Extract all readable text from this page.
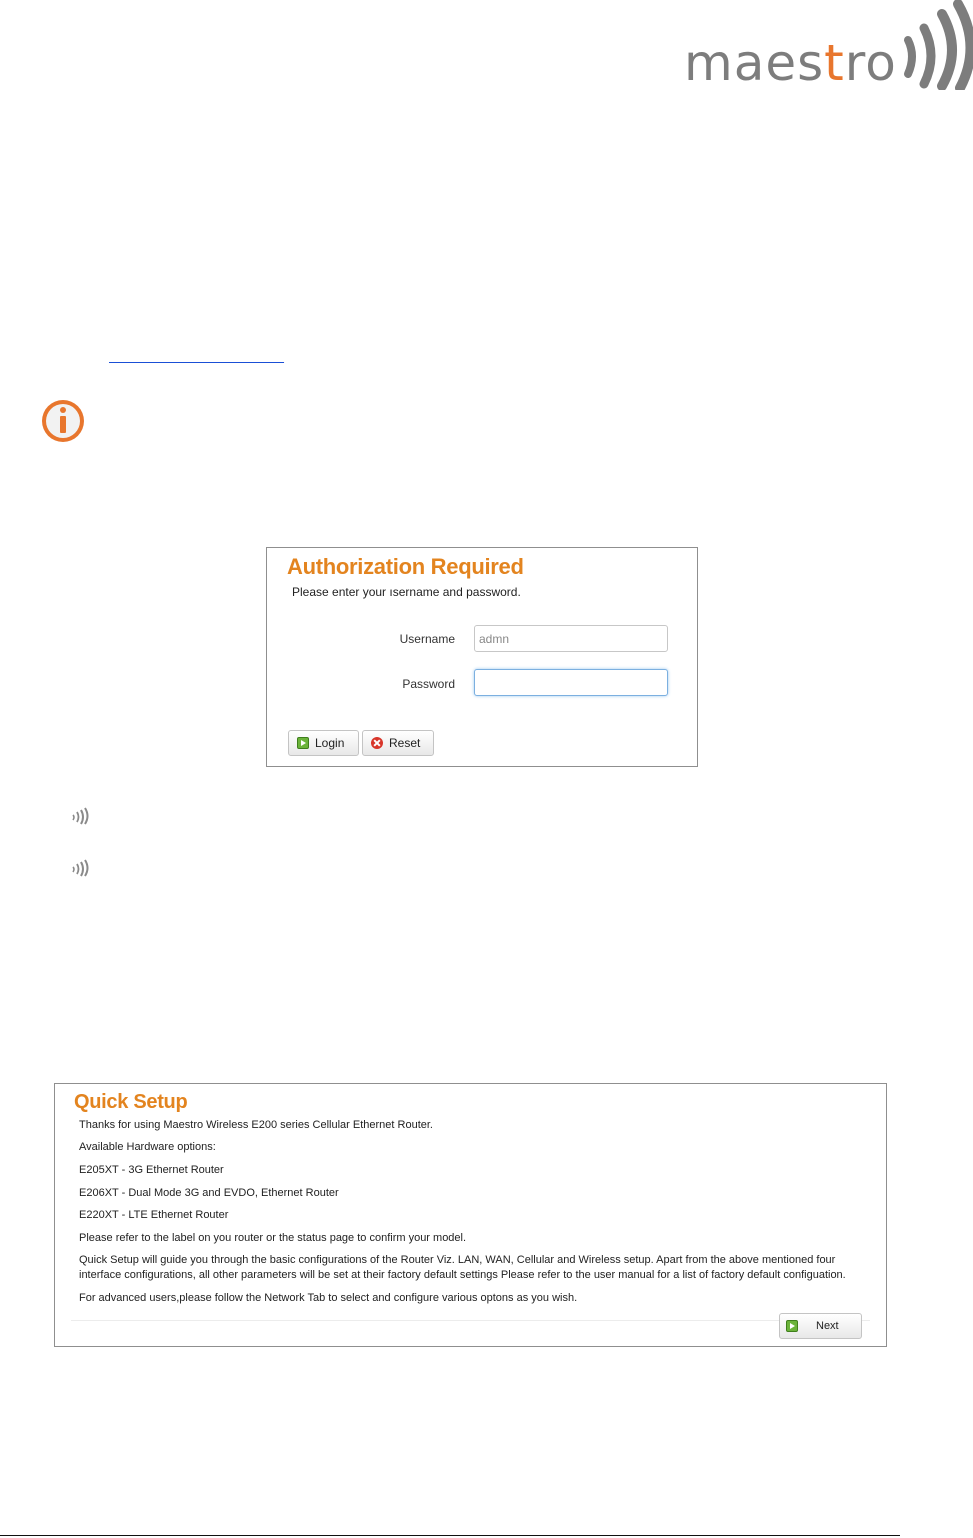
maestro
​
Authorization Required
Please enter your ısername and password.
Username
admn
Password
Login	Reset
Quick Setup
Thanks for using Maestro Wireless E200 series Cellular Ethernet Router.
Available Hardware options:
E205XT - 3G Ethernet Router
E206XT - Dual Mode 3G and EVDO, Ethernet Router
E220XT - LTE Ethernet Router
Please refer to the label on you router or the status page to confirm your model.
Quick Setup will guide you through the basic configurations of the Router Viz. LAN, WAN, Cellular and Wireless setup. Apart from the above mentioned four
interface configurations, all other parameters will be set at their factory default settings Please refer to the user manual for a list of factory default configuation.
For advanced users,please follow the Network Tab to select and configure various optons as you wish.
Next
